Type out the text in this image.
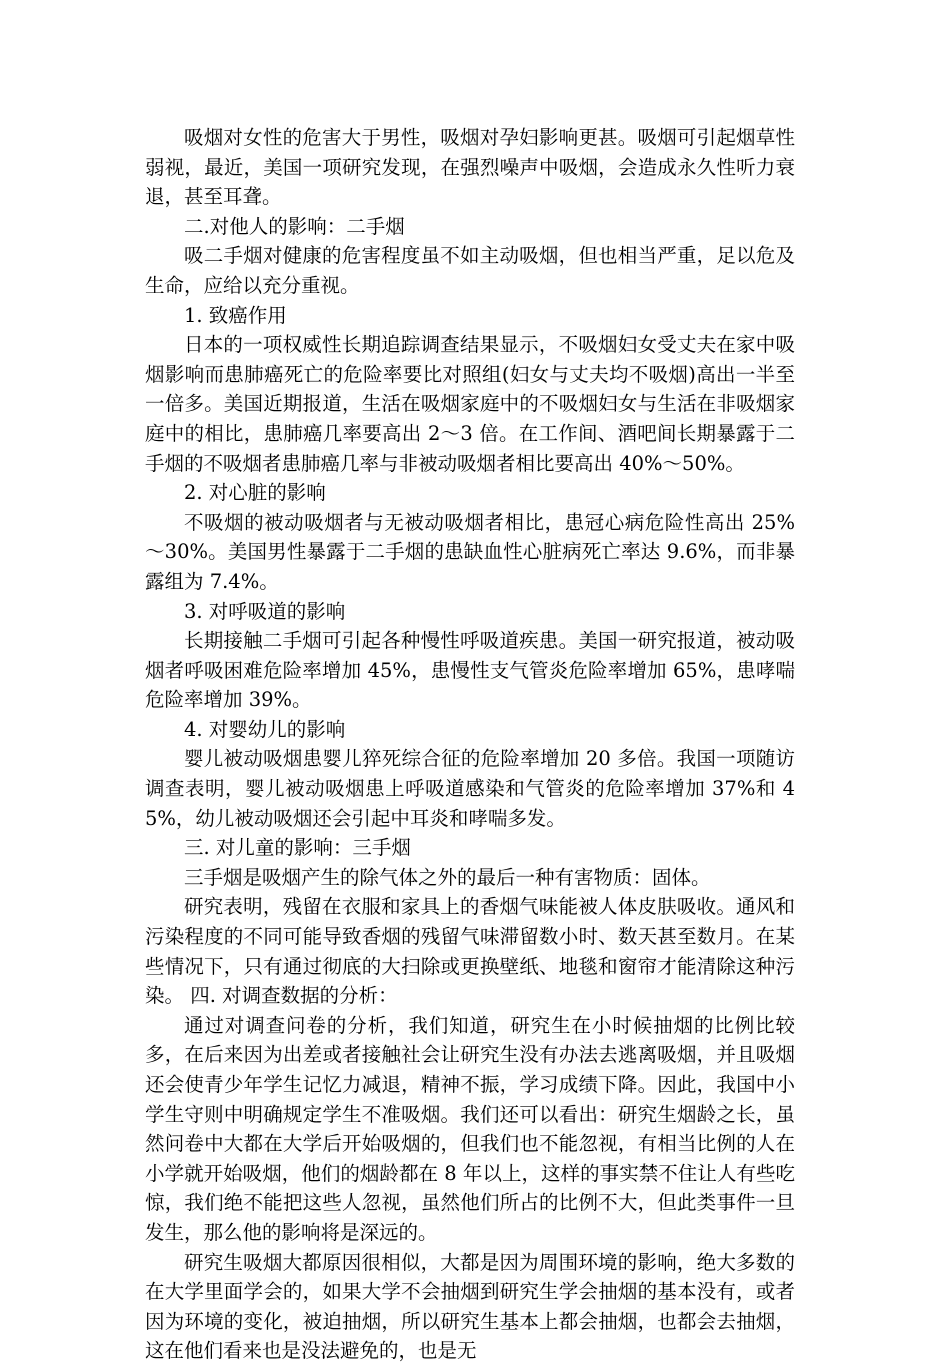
吸烟对女性的危害大于男性，吸烟对孕妇影响更甚。吸烟可引起烟草性弱视，最近，美国一项研究发现，在强烈噪声中吸烟，会造成永久性听力衰退，甚至耳聋。

二.对他人的影响：二手烟

吸二手烟对健康的危害程度虽不如主动吸烟，但也相当严重，足以危及生命，应给以充分重视。

1. 致癌作用

日本的一项权威性长期追踪调查结果显示，不吸烟妇女受丈夫在家中吸烟影响而患肺癌死亡的危险率要比对照组(妇女与丈夫均不吸烟)高出一半至一倍多。美国近期报道，生活在吸烟家庭中的不吸烟妇女与生活在非吸烟家庭中的相比，患肺癌几率要高出 2～3 倍。在工作间、酒吧间长期暴露于二手烟的不吸烟者患肺癌几率与非被动吸烟者相比要高出 40%～50%。

2. 对心脏的影响

不吸烟的被动吸烟者与无被动吸烟者相比，患冠心病危险性高出 25%～30%。美国男性暴露于二手烟的患缺血性心脏病死亡率达 9.6%，而非暴露组为 7.4%。

3. 对呼吸道的影响

长期接触二手烟可引起各种慢性呼吸道疾患。美国一研究报道，被动吸烟者呼吸困难危险率增加 45%，患慢性支气管炎危险率增加 65%，患哮喘危险率增加 39%。

4. 对婴幼儿的影响

婴儿被动吸烟患婴儿猝死综合征的危险率增加 20 多倍。我国一项随访调查表明，婴儿被动吸烟患上呼吸道感染和气管炎的危险率增加 37%和 45%，幼儿被动吸烟还会引起中耳炎和哮喘多发。

三. 对儿童的影响：三手烟

三手烟是吸烟产生的除气体之外的最后一种有害物质：固体。

研究表明，残留在衣服和家具上的香烟气味能被人体皮肤吸收。通风和污染程度的不同可能导致香烟的残留气味滞留数小时、数天甚至数月。在某些情况下，只有通过彻底的大扫除或更换壁纸、地毯和窗帘才能清除这种污染。 四. 对调查数据的分析：

通过对调查问卷的分析，我们知道，研究生在小时候抽烟的比例比较多，在后来因为出差或者接触社会让研究生没有办法去逃离吸烟，并且吸烟还会使青少年学生记忆力减退，精神不振，学习成绩下降。因此，我国中小学生守则中明确规定学生不准吸烟。我们还可以看出：研究生烟龄之长，虽然问卷中大都在大学后开始吸烟的，但我们也不能忽视，有相当比例的人在小学就开始吸烟，他们的烟龄都在 8 年以上，这样的事实禁不住让人有些吃惊，我们绝不能把这些人忽视，虽然他们所占的比例不大，但此类事件一旦发生，那么他的影响将是深远的。

研究生吸烟大都原因很相似，大都是因为周围环境的影响，绝大多数的在大学里面学会的，如果大学不会抽烟到研究生学会抽烟的基本没有，或者因为环境的变化，被迫抽烟，所以研究生基本上都会抽烟，也都会去抽烟，这在他们看来也是没法避免的，也是无
